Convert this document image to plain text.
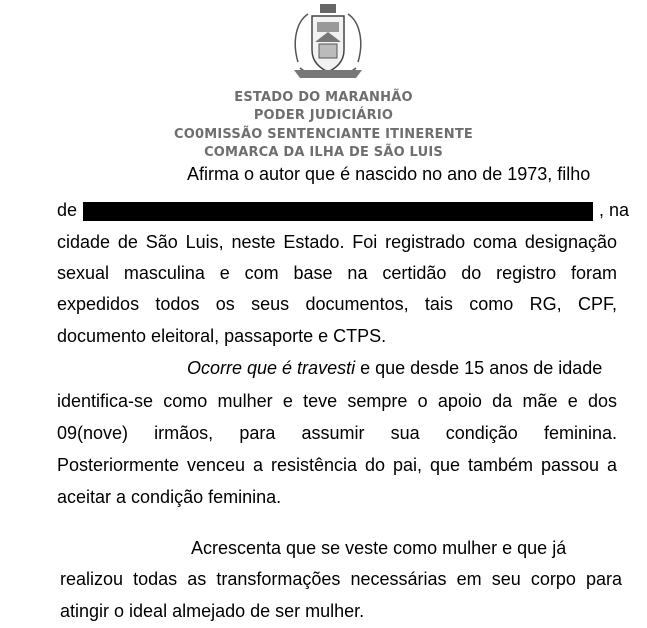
ESTADO DO MARANHÃO
PODER JUDICIÁRIO
CO0MISSÃO SENTENCIANTE ITINERENTE
COMARCA DA ILHA DE SÃO LUIS
Afirma o autor que é nascido no ano de 1973, filho
de	, na
cidade de São Luis, neste Estado. Foi registrado coma designação
sexual masculina e com base na certidão do registro foram
expedidos todos os seus documentos, tais como RG, CPF,
documento eleitoral, passaporte e CTPS.
Ocorre que é travesti e que desde 15 anos de idade
identifica-se como mulher e teve sempre o apoio da mãe e dos
09(nove) irmãos, para assumir sua condição feminina.
Posteriormente venceu a resistência do pai, que também passou a
aceitar a condição feminina.
Acrescenta que se veste como mulher e que já
realizou todas as transformações necessárias em seu corpo para
atingir o ideal almejado de ser mulher.
